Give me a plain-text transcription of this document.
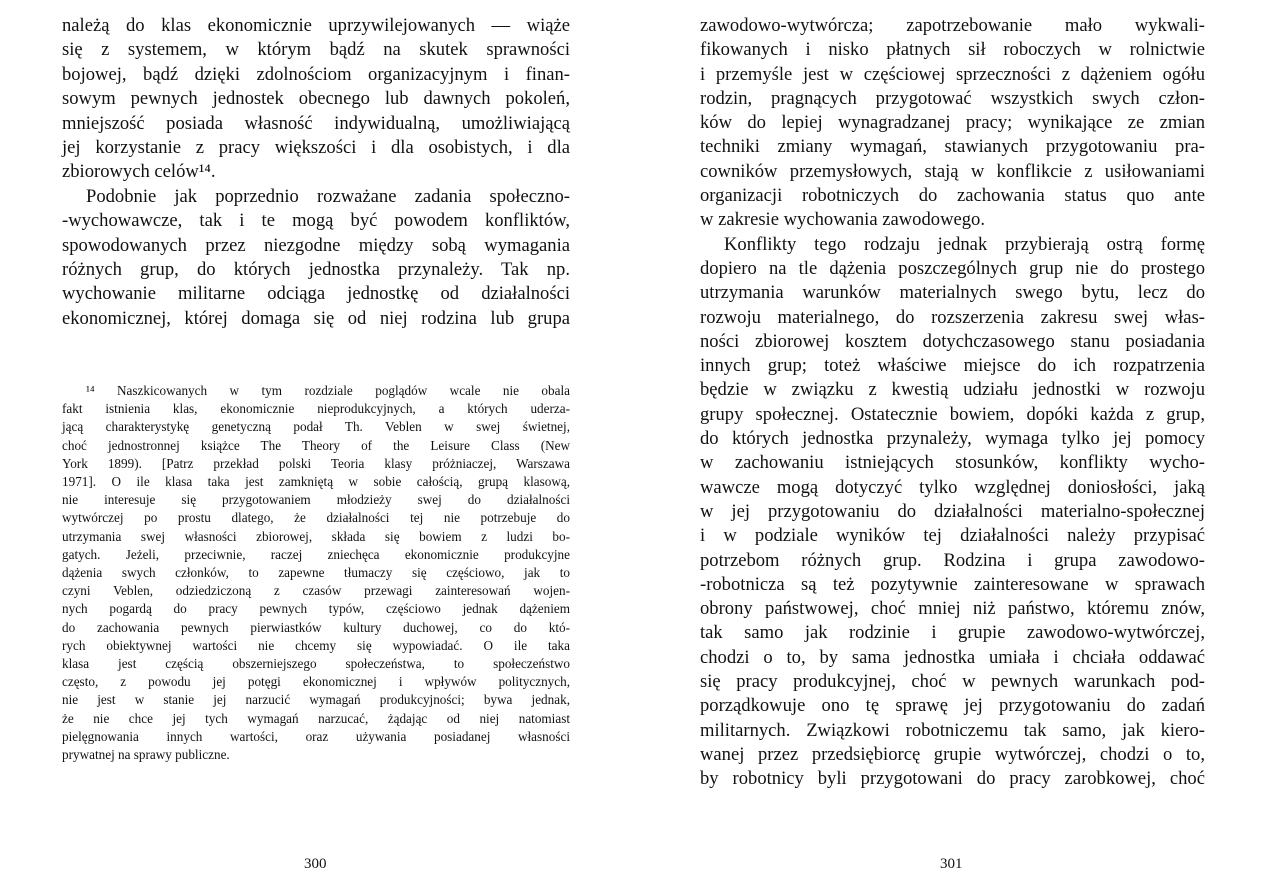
należą do klas ekonomicznie uprzywilejowanych — wiąże
się z systemem, w którym bądź na skutek sprawności
bojowej, bądź dzięki zdolnościom organizacyjnym i finan-
sowym pewnych jednostek obecnego lub dawnych pokoleń,
mniejszość posiada własność indywidualną, umożliwiającą
jej korzystanie z pracy większości i dla osobistych, i dla
zbiorowych celów¹⁴.
Podobnie jak poprzednio rozważane zadania społeczno-
-wychowawcze, tak i te mogą być powodem konfliktów,
spowodowanych przez niezgodne między sobą wymagania
różnych grup, do których jednostka przynależy. Tak np.
wychowanie militarne odciąga jednostkę od działalności
ekonomicznej, której domaga się od niej rodzina lub grupa
¹⁴ Naszkicowanych w tym rozdziale poglądów wcale nie obala
fakt istnienia klas, ekonomicznie nieprodukcyjnych, a których uderza-
jącą charakterystykę genetyczną podał Th. Veblen w swej świetnej,
choć jednostronnej książce The Theory of the Leisure Class (New
York 1899). [Patrz przekład polski Teoria klasy próżniaczej, Warszawa
1971]. O ile klasa taka jest zamkniętą w sobie całością, grupą klasową,
nie interesuje się przygotowaniem młodzieży swej do działalności
wytwórczej po prostu dlatego, że działalności tej nie potrzebuje do
utrzymania swej własności zbiorowej, składa się bowiem z ludzi bo-
gatych. Jeżeli, przeciwnie, raczej zniechęca ekonomicznie produkcyjne
dążenia swych członków, to zapewne tłumaczy się częściowo, jak to
czyni Veblen, odziedziczoną z czasów przewagi zainteresowań wojen-
nych pogardą do pracy pewnych typów, częściowo jednak dążeniem
do zachowania pewnych pierwiastków kultury duchowej, co do któ-
rych obiektywnej wartości nie chcemy się wypowiadać. O ile taka
klasa jest częścią obszerniejszego społeczeństwa, to społeczeństwo
często, z powodu jej potęgi ekonomicznej i wpływów politycznych,
nie jest w stanie jej narzucić wymagań produkcyjności; bywa jednak,
że nie chce jej tych wymagań narzucać, żądając od niej natomiast
pielęgnowania innych wartości, oraz używania posiadanej własności
prywatnej na sprawy publiczne.
300
zawodowo-wytwórcza; zapotrzebowanie mało wykwali-
fikowanych i nisko płatnych sił roboczych w rolnictwie
i przemyśle jest w częściowej sprzeczności z dążeniem ogółu
rodzin, pragnących przygotować wszystkich swych człon-
ków do lepiej wynagradzanej pracy; wynikające ze zmian
techniki zmiany wymagań, stawianych przygotowaniu pra-
cowników przemysłowych, stają w konflikcie z usiłowaniami
organizacji robotniczych do zachowania status quo ante
w zakresie wychowania zawodowego.
Konflikty tego rodzaju jednak przybierają ostrą formę
dopiero na tle dążenia poszczególnych grup nie do prostego
utrzymania warunków materialnych swego bytu, lecz do
rozwoju materialnego, do rozszerzenia zakresu swej włas-
ności zbiorowej kosztem dotychczasowego stanu posiadania
innych grup; toteż właściwe miejsce do ich rozpatrzenia
będzie w związku z kwestią udziału jednostki w rozwoju
grupy społecznej. Ostatecznie bowiem, dopóki każda z grup,
do których jednostka przynależy, wymaga tylko jej pomocy
w zachowaniu istniejących stosunków, konflikty wycho-
wawcze mogą dotyczyć tylko względnej doniosłości, jaką
w jej przygotowaniu do działalności materialno-społecznej
i w podziale wyników tej działalności należy przypisać
potrzebom różnych grup. Rodzina i grupa zawodowo-
-robotnicza są też pozytywnie zainteresowane w sprawach
obrony państwowej, choć mniej niż państwo, któremu znów,
tak samo jak rodzinie i grupie zawodowo-wytwórczej,
chodzi o to, by sama jednostka umiała i chciała oddawać
się pracy produkcyjnej, choć w pewnych warunkach pod-
porządkowuje ono tę sprawę jej przygotowaniu do zadań
militarnych. Związkowi robotniczemu tak samo, jak kiero-
wanej przez przedsiębiorcę grupie wytwórczej, chodzi o to,
by robotnicy byli przygotowani do pracy zarobkowej, choć
301
